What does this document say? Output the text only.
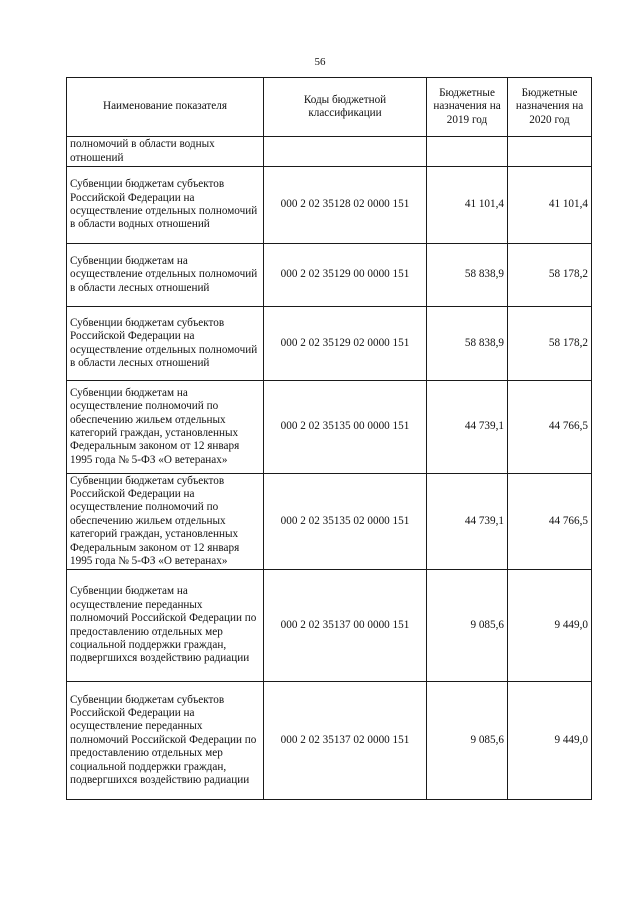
56
Наименование показателя	Коды бюджетной классификации	Бюджетные назначения на 2019 год	Бюджетные назначения на 2020 год
полномочий в области водных отношений			
Субвенции бюджетам субъектов Российской Федерации на осуществление отдельных полномочий в области водных отношений	000 2 02 35128 02 0000 151	41 101,4	41 101,4
Субвенции бюджетам на осуществление отдельных полномочий в области лесных отношений	000 2 02 35129 00 0000 151	58 838,9	58 178,2
Субвенции бюджетам субъектов Российской Федерации на осуществление отдельных полномочий в области лесных отношений	000 2 02 35129 02 0000 151	58 838,9	58 178,2
Субвенции бюджетам на осуществление полномочий по обеспечению жильем отдельных категорий граждан, установленных Федеральным законом от 12 января 1995 года № 5-ФЗ «О ветеранах»	000 2 02 35135 00 0000 151	44 739,1	44 766,5
Субвенции бюджетам субъектов Российской Федерации на осуществление полномочий по обеспечению жильем отдельных категорий граждан, установленных Федеральным законом от 12 января 1995 года № 5-ФЗ «О ветеранах»	000 2 02 35135 02 0000 151	44 739,1	44 766,5
Субвенции бюджетам на осуществление переданных полномочий Российской Федерации по предоставлению отдельных мер социальной поддержки граждан, подвергшихся воздействию радиации	000 2 02 35137 00 0000 151	9 085,6	9 449,0
Субвенции бюджетам субъектов Российской Федерации на осуществление переданных полномочий Российской Федерации по предоставлению отдельных мер социальной поддержки граждан, подвергшихся воздействию радиации	000 2 02 35137 02 0000 151	9 085,6	9 449,0
